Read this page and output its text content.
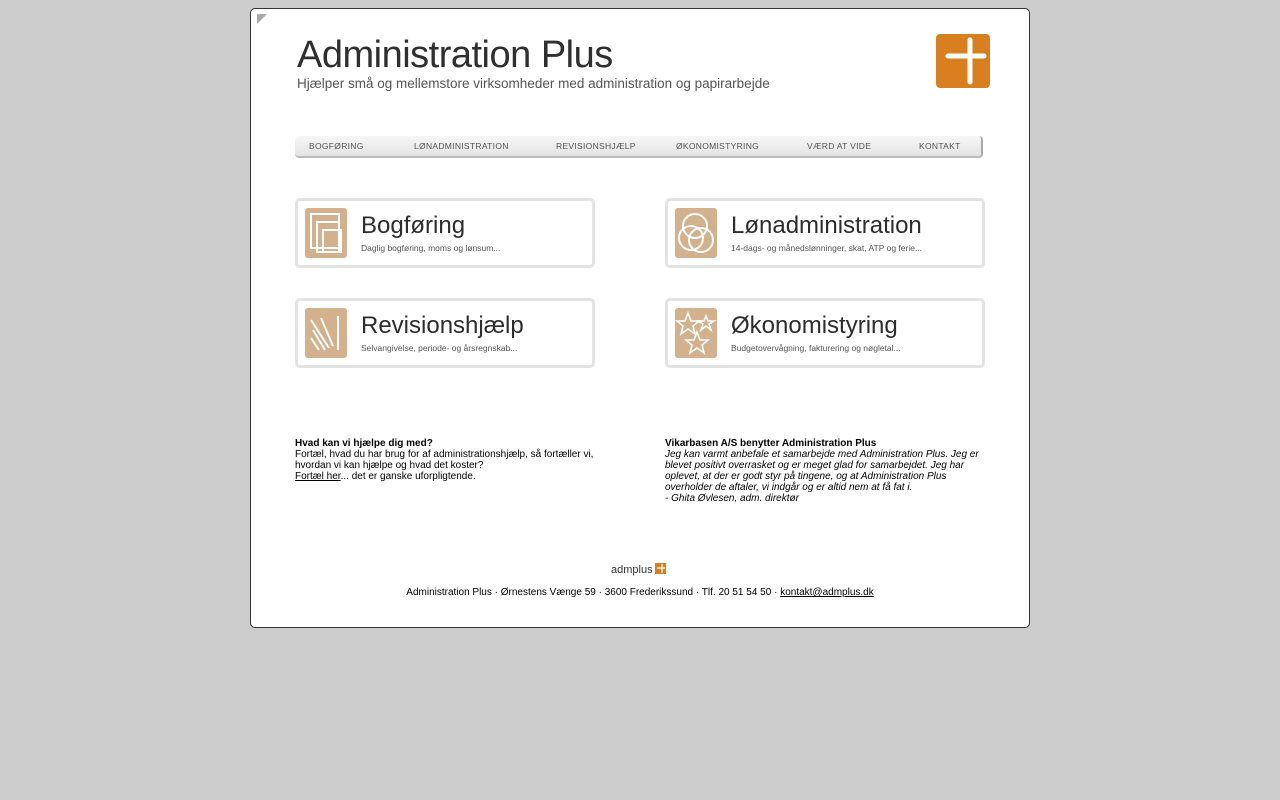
Administration Plus
Hjælper små og mellemstore virksomheder med administration og papirarbejde
BOGFØRING	LØNADMINISTRATION	REVISIONSHJÆLP	ØKONOMISTYRING	VÆRD AT VIDE	KONTAKT
Bogføring
Daglig bogføring, moms og lønsum...
Lønadministration
14-dags- og månedslønninger, skat, ATP og ferie...
Revisionshjælp
Selvangivelse, periode- og årsregnskab...
Økonomistyring
Budgetovervågning, fakturering og nøgletal...
Hvad kan vi hjælpe dig med?
Fortæl, hvad du har brug for af administrationshjælp, så fortæller vi, hvordan vi kan hjælpe og hvad det koster?
Fortæl her... det er ganske uforpligtende.
Vikarbasen A/S benytter Administration Plus
Jeg kan varmt anbefale et samarbejde med Administration Plus. Jeg er blevet positivt overrasket og er meget glad for samarbejdet. Jeg har oplevet, at der er godt styr på tingene, og at Administration Plus overholder de aftaler, vi indgår og er altid nem at få fat i.
- Ghita Øvlesen, adm. direktør
admplus
Administration Plus · Ørnestens Vænge 59 · 3600 Frederikssund · Tlf. 20 51 54 50 · kontakt@admplus.dk
